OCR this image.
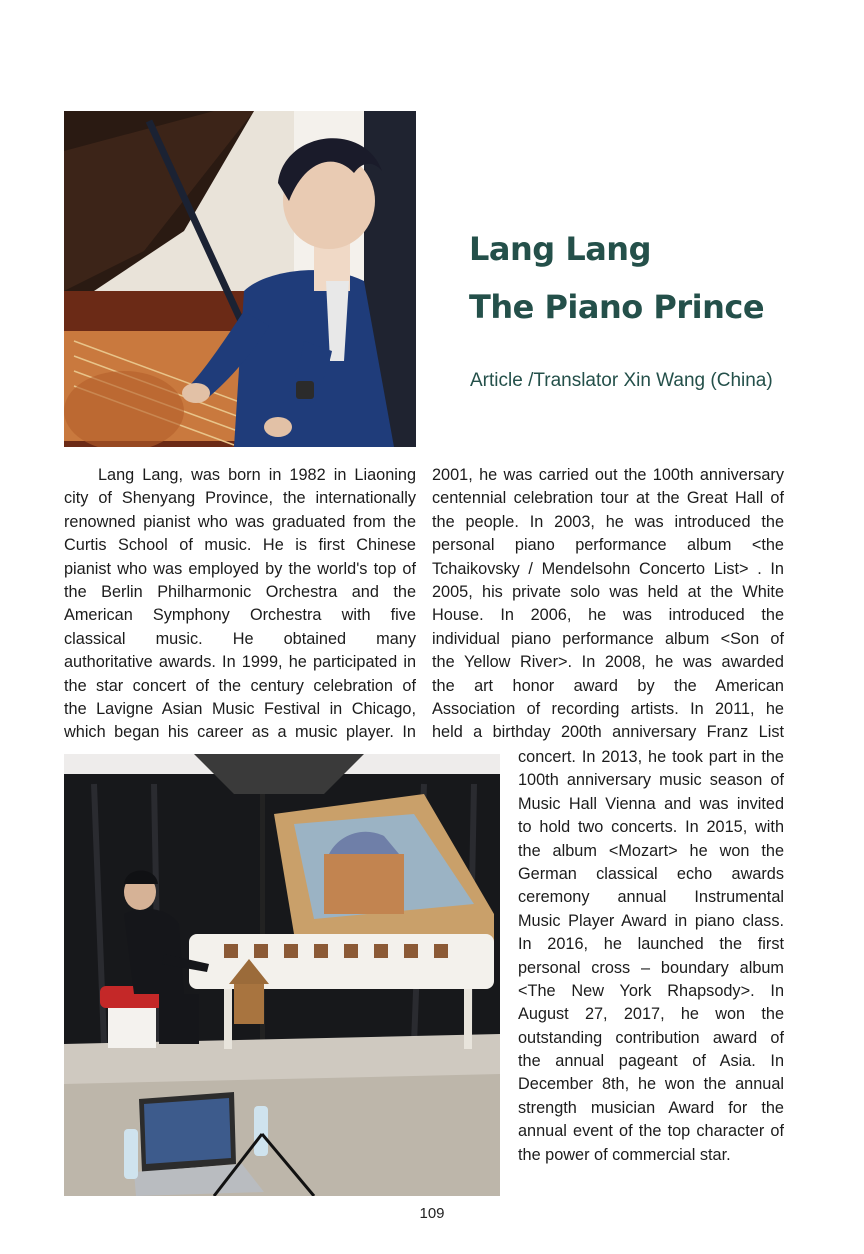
Lang Lang
The Piano Prince
Article /Translator Xin Wang (China)
Lang Lang, was born in 1982 in Liaoning
city of Shenyang Province, the internationally
renowned pianist who was graduated from the
Curtis School of music. He is first Chinese
pianist who was employed by the world's top of
the Berlin Philharmonic Orchestra and the
American Symphony Orchestra with five
classical music. He obtained many
authoritative awards. In 1999, he participated in
the star concert of the century celebration of
the Lavigne Asian Music Festival in Chicago,
which began his career as a music player. In
2001, he was carried out the 100th anniversary
centennial celebration tour at the Great Hall of
the people. In 2003, he was introduced the
personal piano performance album <the
Tchaikovsky / Mendelsohn Concerto List> . In
2005, his private solo was held at the White
House. In 2006, he was introduced the
individual piano performance album <Son of
the Yellow River>. In 2008, he was awarded
the art honor award by the American
Association of recording artists. In 2011, he
held a birthday 200th anniversary Franz List
concert. In 2013, he took part in the
100th anniversary music season of
Music Hall Vienna and was invited
to hold two concerts. In 2015, with
the album <Mozart> he won the
German classical echo awards
ceremony annual Instrumental
Music Player Award in piano class.
In 2016, he launched the first
personal cross – boundary album
<The New York Rhapsody>. In
August 27, 2017, he won the
outstanding contribution award of
the annual pageant of Asia. In
December 8th, he won the annual
strength musician Award for the
annual event of the top character of
the power of commercial star.
109
